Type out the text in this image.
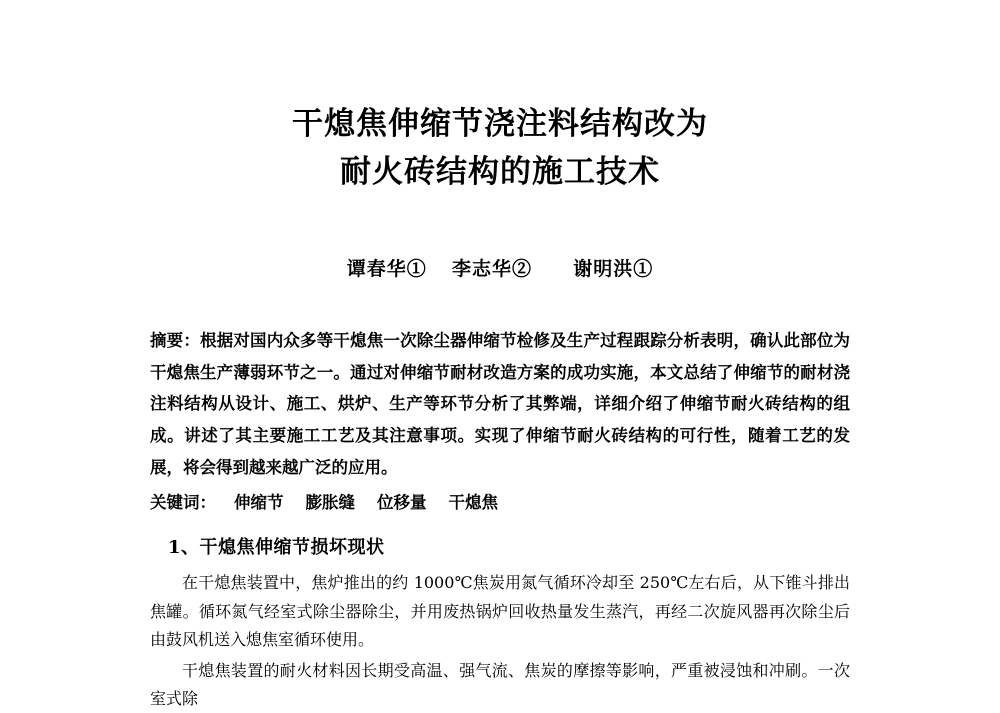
干熄焦伸缩节浇注料结构改为
耐火砖结构的施工技术
谭春华① 李志华② 谢明洪①
摘要：根据对国内众多等干熄焦一次除尘器伸缩节检修及生产过程跟踪分析表明，确认此部位为干熄焦生产薄弱环节之一。通过对伸缩节耐材改造方案的成功实施，本文总结了伸缩节的耐材浇注料结构从设计、施工、烘炉、生产等环节分析了其弊端，详细介绍了伸缩节耐火砖结构的组成。讲述了其主要施工工艺及其注意事项。实现了伸缩节耐火砖结构的可行性，随着工艺的发展，将会得到越来越广泛的应用。
关键词： 伸缩节 膨胀缝 位移量 干熄焦
1、干熄焦伸缩节损坏现状
在干熄焦装置中，焦炉推出的约 1000℃焦炭用氮气循环冷却至 250℃左右后，从下锥斗排出焦罐。循环氮气经室式除尘器除尘，并用废热锅炉回收热量发生蒸汽，再经二次旋风器再次除尘后由鼓风机送入熄焦室循环使用。
干熄焦装置的耐火材料因长期受高温、强气流、焦炭的摩擦等影响，严重被浸蚀和冲刷。一次室式除
